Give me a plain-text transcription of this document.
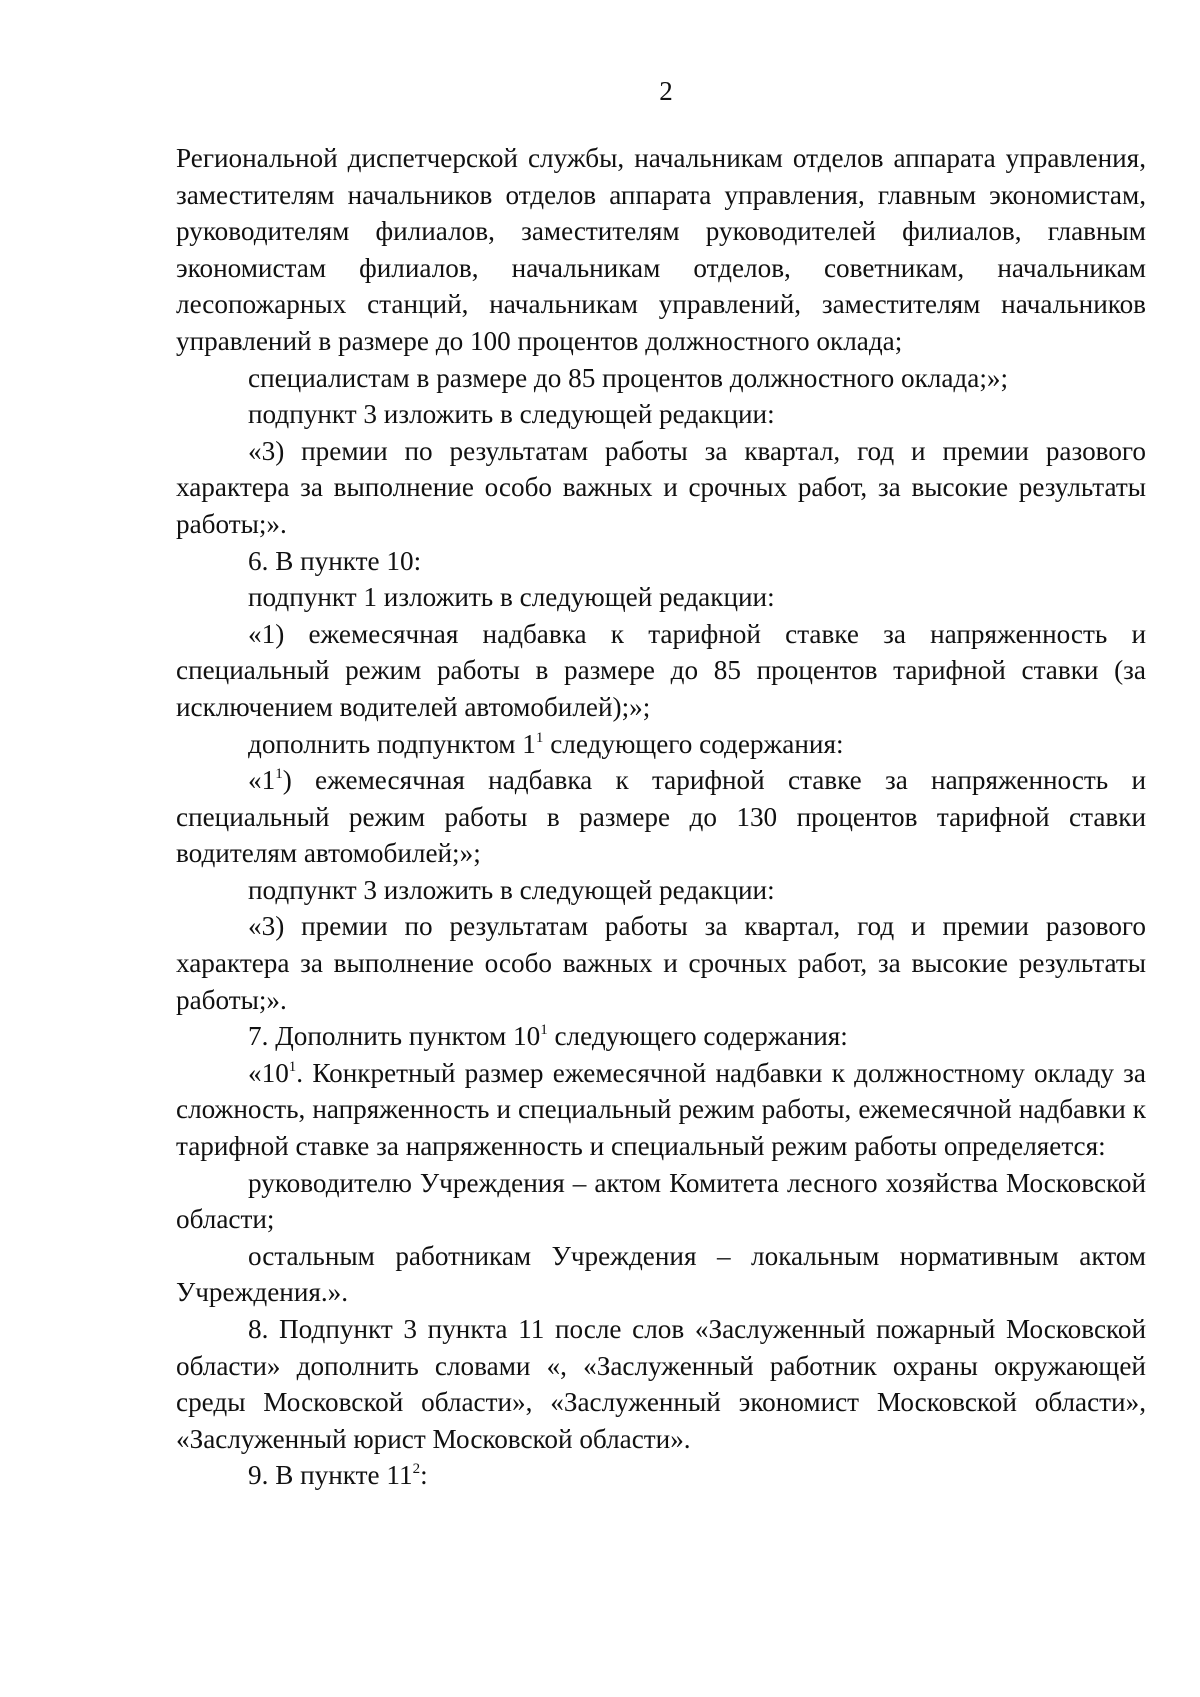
2

Региональной диспетчерской службы, начальникам отделов аппарата управления, заместителям начальников отделов аппарата управления, главным экономистам, руководителям филиалов, заместителям руководителей филиалов, главным экономистам филиалов, начальникам отделов, советникам, начальникам лесопожарных станций, начальникам управлений, заместителям начальников управлений в размере до 100 процентов должностного оклада;

специалистам в размере до 85 процентов должностного оклада;»;

подпункт 3 изложить в следующей редакции:

«3) премии по результатам работы за квартал, год и премии разового характера за выполнение особо важных и срочных работ, за высокие результаты работы;».

6. В пункте 10:

подпункт 1 изложить в следующей редакции:

«1) ежемесячная надбавка к тарифной ставке за напряженность и специальный режим работы в размере до 85 процентов тарифной ставки (за исключением водителей автомобилей);»;

дополнить подпунктом $1^1$ следующего содержания:

«$1^1$) ежемесячная надбавка к тарифной ставке за напряженность и специальный режим работы в размере до 130 процентов тарифной ставки водителям автомобилей;»;

подпункт 3 изложить в следующей редакции:

«3) премии по результатам работы за квартал, год и премии разового характера за выполнение особо важных и срочных работ, за высокие результаты работы;».

7. Дополнить пунктом $10^1$ следующего содержания:

«$10^1$. Конкретный размер ежемесячной надбавки к должностному окладу за сложность, напряженность и специальный режим работы, ежемесячной надбавки к тарифной ставке за напряженность и специальный режим работы определяется:

руководителю Учреждения – актом Комитета лесного хозяйства Московской области;

остальным работникам Учреждения – локальным нормативным актом Учреждения.».

8. Подпункт 3 пункта 11 после слов «Заслуженный пожарный Московской области» дополнить словами «, «Заслуженный работник охраны окружающей среды Московской области», «Заслуженный экономист Московской области», «Заслуженный юрист Московской области».

9. В пункте $11^2$:
